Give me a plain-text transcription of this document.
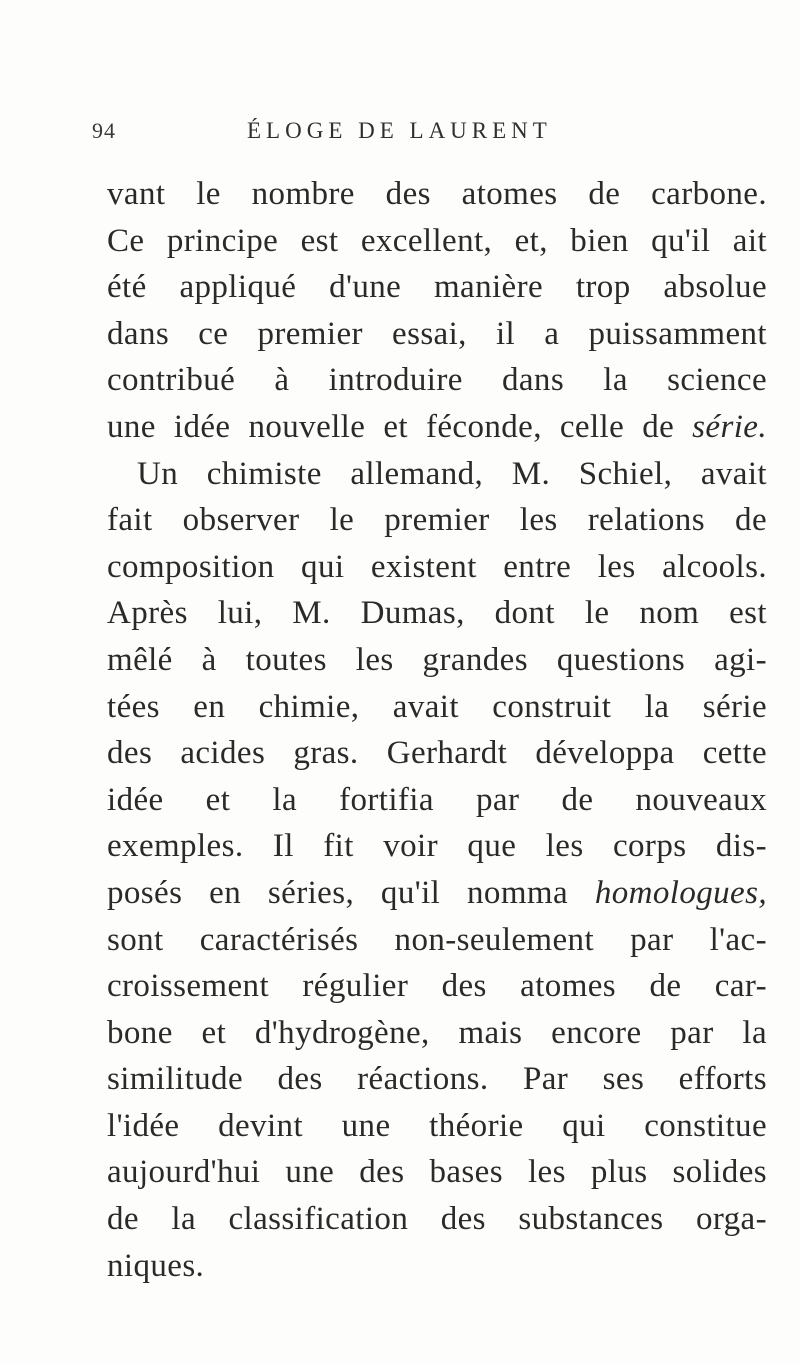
94	ÉLOGE DE LAURENT
vant le nombre des atomes de carbone.
Ce principe est excellent, et, bien qu'il ait
été appliqué d'une manière trop absolue
dans ce premier essai, il a puissamment
contribué à introduire dans la science
une idée nouvelle et féconde, celle de série.
Un chimiste allemand, M. Schiel, avait
fait observer le premier les relations de
composition qui existent entre les alcools.
Après lui, M. Dumas, dont le nom est
mêlé à toutes les grandes questions agi-
tées en chimie, avait construit la série
des acides gras. Gerhardt développa cette
idée et la fortifia par de nouveaux
exemples. Il fit voir que les corps dis-
posés en séries, qu'il nomma homologues,
sont caractérisés non-seulement par l'ac-
croissement régulier des atomes de car-
bone et d'hydrogène, mais encore par la
similitude des réactions. Par ses efforts
l'idée devint une théorie qui constitue
aujourd'hui une des bases les plus solides
de la classification des substances orga-
niques.
